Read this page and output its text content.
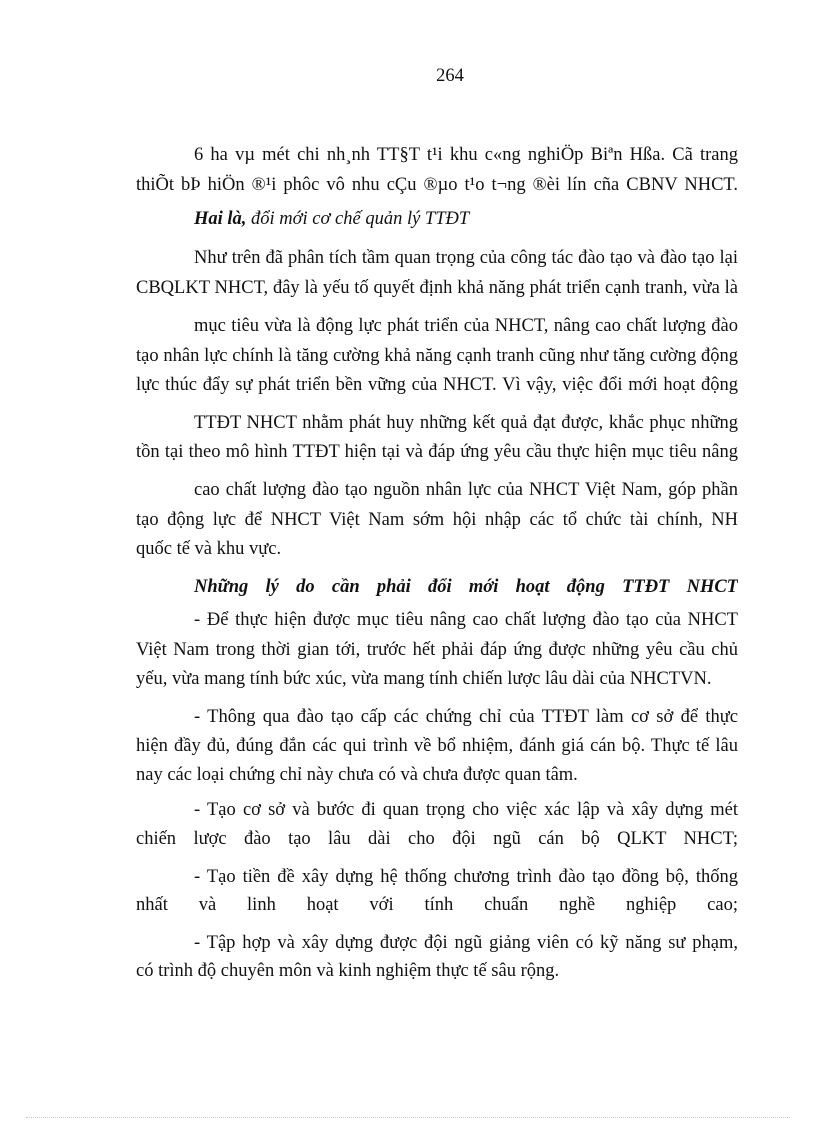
264
6 ha vµ mét chi nh¸nh TT§T t¹i khu c«ng nghiÖp Biªn Hßa. Cã trang
thiÕt bÞ hiÖn ®¹i phôc vô nhu cÇu ®µo t¹o t¬ng ®èi lín cña CBNV NHCT.
Hai là, đổi mới cơ chế quản lý TTĐT
Như trên đã phân tích tầm quan trọng của công tác đào tạo và đào tạo lại
CBQLKT NHCT, đây là yếu tố quyết định khả năng phát triển cạnh tranh, vừa là
mục tiêu vừa là động lực phát triển của NHCT, nâng cao chất lượng đào
tạo nhân lực chính là tăng cường khả năng cạnh tranh cũng như tăng cường động
lực thúc đẩy sự phát triển bền vững của NHCT. Vì vậy, việc đổi mới hoạt động
TTĐT NHCT nhằm phát huy những kết quả đạt được, khắc phục những
tồn tại theo mô hình TTĐT hiện tại và đáp ứng yêu cầu thực hiện mục tiêu nâng
cao chất lượng đào tạo nguồn nhân lực của NHCT Việt Nam, góp phần
tạo động lực để NHCT Việt Nam sớm hội nhập các tổ chức tài chính, NH
quốc tế và khu vực.
Những lý do cần phải đổi mới hoạt động TTĐT NHCT
- Để thực hiện được mục tiêu nâng cao chất lượng đào tạo của NHCT
Việt Nam trong thời gian tới, trước hết phải đáp ứng được những yêu cầu chủ
yếu, vừa mang tính bức xúc, vừa mang tính chiến lược lâu dài của NHCTVN.
- Thông qua đào tạo cấp các chứng chỉ của TTĐT làm cơ sở để thực
hiện đầy đủ, đúng đắn các qui trình về bổ nhiệm, đánh giá cán bộ. Thực tế lâu
nay các loại chứng chỉ này chưa có và chưa được quan tâm.
- Tạo cơ sở và bước đi quan trọng cho việc xác lập và xây dựng mét
chiến lược đào tạo lâu dài cho đội ngũ cán bộ QLKT NHCT;
- Tạo tiền đề xây dựng hệ thống chương trình đào tạo đồng bộ, thống
nhất và linh hoạt với tính chuẩn nghề nghiệp cao;
- Tập hợp và xây dựng được đội ngũ giảng viên có kỹ năng sư phạm,
có trình độ chuyên môn và kinh nghiệm thực tế sâu rộng.
